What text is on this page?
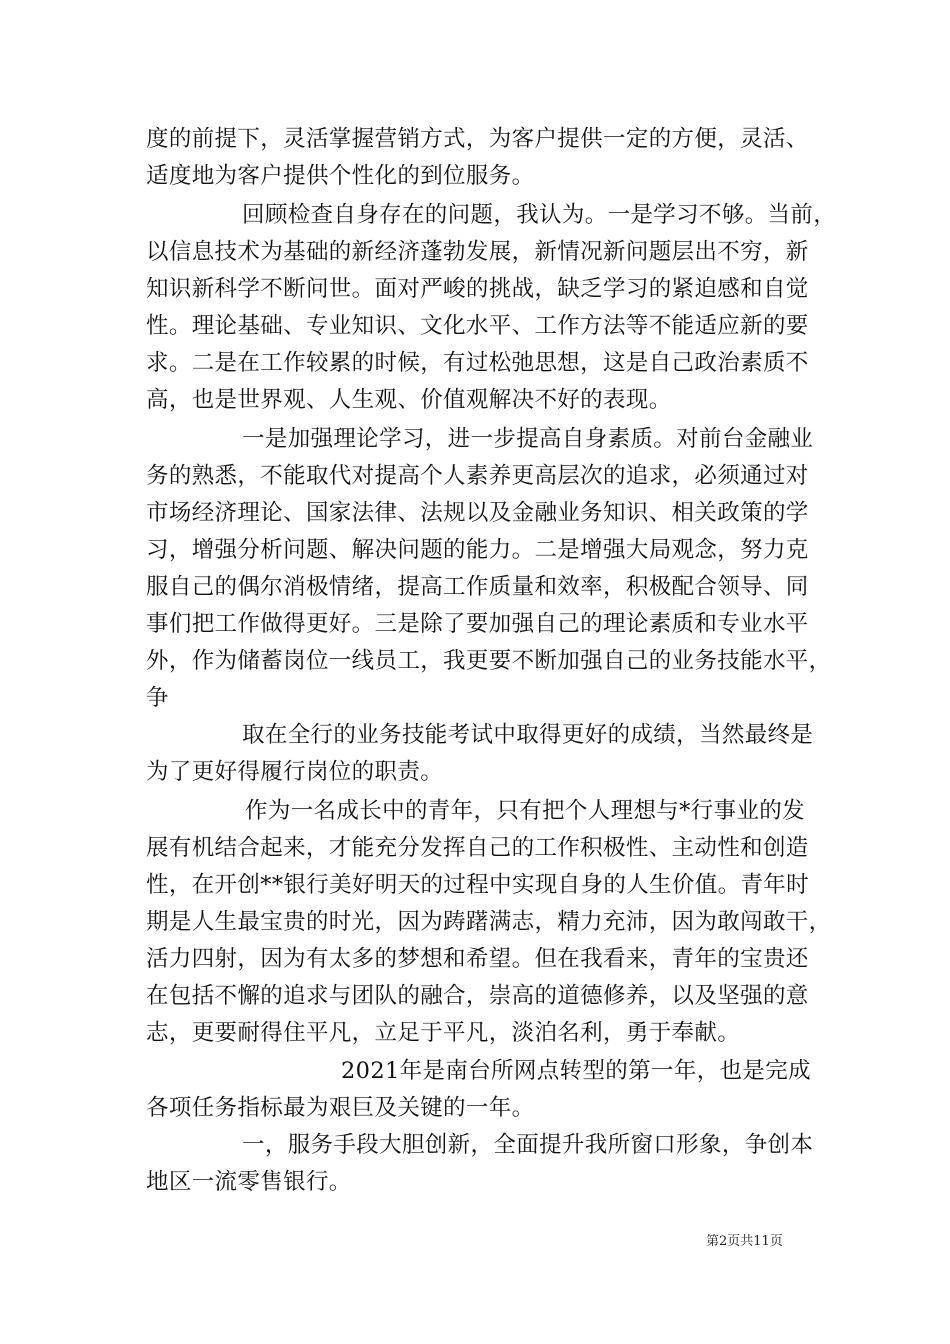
度的前提下，灵活掌握营销方式，为客户提供一定的方便，灵活、
适度地为客户提供个性化的到位服务。
回顾检查自身存在的问题，我认为。一是学习不够。当前，
以信息技术为基础的新经济蓬勃发展，新情况新问题层出不穷，新
知识新科学不断问世。面对严峻的挑战，缺乏学习的紧迫感和自觉
性。理论基础、专业知识、文化水平、工作方法等不能适应新的要
求。二是在工作较累的时候，有过松弛思想，这是自己政治素质不
高，也是世界观、人生观、价值观解决不好的表现。
一是加强理论学习，进一步提高自身素质。对前台金融业
务的熟悉，不能取代对提高个人素养更高层次的追求，必须通过对
市场经济理论、国家法律、法规以及金融业务知识、相关政策的学
习，增强分析问题、解决问题的能力。二是增强大局观念，努力克
服自己的偶尔消极情绪，提高工作质量和效率，积极配合领导、同
事们把工作做得更好。三是除了要加强自己的理论素质和专业水平
外，作为储蓄岗位一线员工，我更要不断加强自己的业务技能水平，
争
取在全行的业务技能考试中取得更好的成绩，当然最终是
为了更好得履行岗位的职责。
作为一名成长中的青年，只有把个人理想与*行事业的发
展有机结合起来，才能充分发挥自己的工作积极性、主动性和创造
性，在开创**银行美好明天的过程中实现自身的人生价值。青年时
期是人生最宝贵的时光，因为踌躇满志，精力充沛，因为敢闯敢干，
活力四射，因为有太多的梦想和希望。但在我看来，青年的宝贵还
在包括不懈的追求与团队的融合，崇高的道德修养，以及坚强的意
志，更要耐得住平凡，立足于平凡，淡泊名利，勇于奉献。
2021年是南台所网点转型的第一年，也是完成
各项任务指标最为艰巨及关键的一年。
一，服务手段大胆创新，全面提升我所窗口形象，争创本
地区一流零售银行。
第2页共11页
